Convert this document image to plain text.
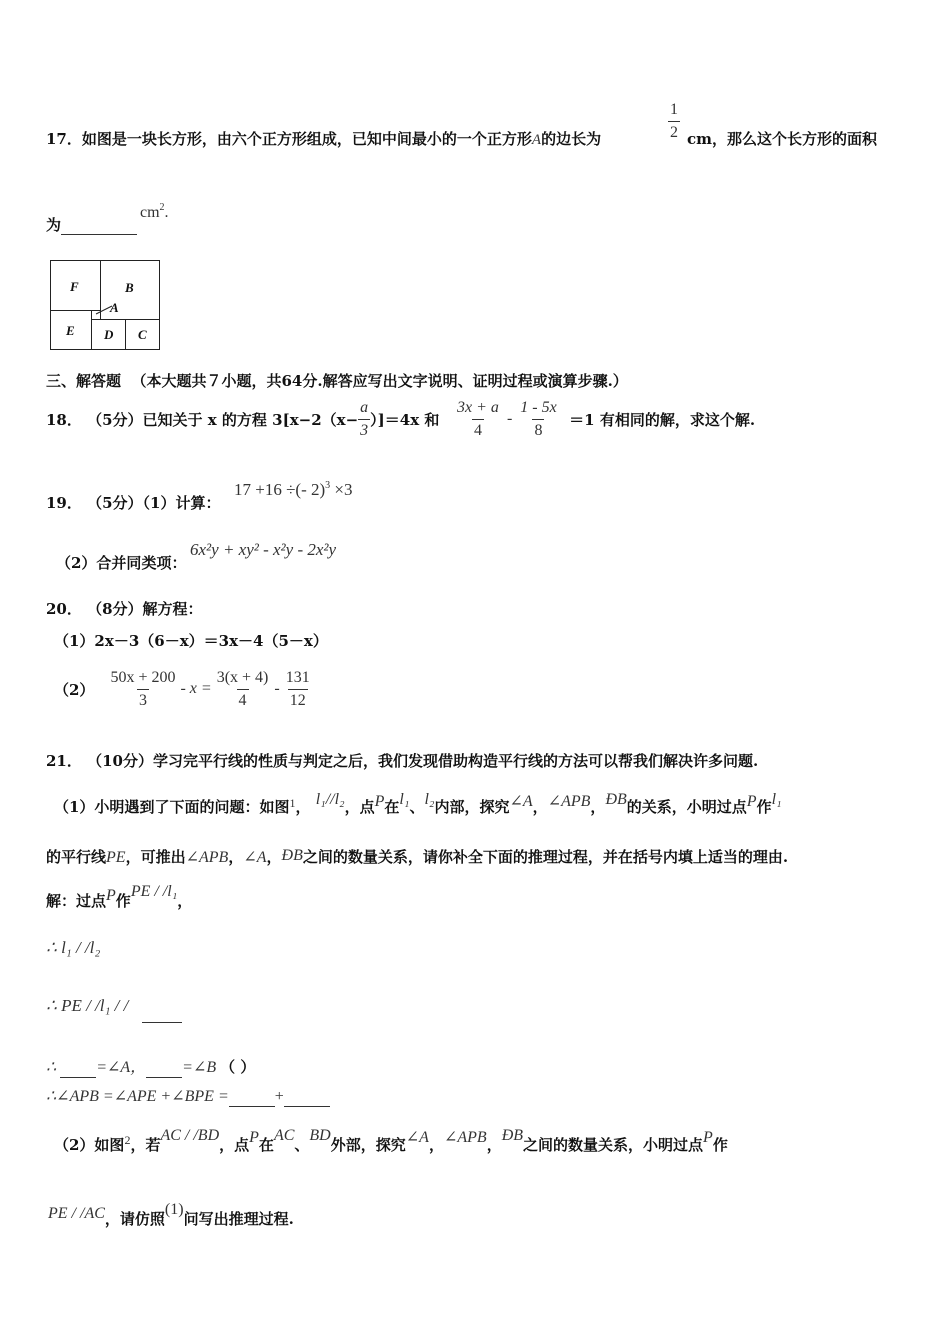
17．如图是一块长方形，由六个正方形组成，已知中间最小的一个正方形A的边长为	$\frac{1}{2}$ cm，那么这个长方形的面积
为
$cm^2$.
F	B
A
E D C
三、解答题 （本大题共７小题，共64分.解答应写出文字说明、证明过程或演算步骤.）
18．
（5分） 已知关于 x 的方程 $3[x-2(x- \frac{a}{3} )]=4x$ 和
$\frac{3x + a}{4} - \frac{1 - 5x}{8}$
＝1 有相同的解，求这个解.
19． （5分）（1）计算：
17 +16 ÷(- 2)$^3$ ×3
（2）合并同类项：
6x²y + xy² - x²y - 2x²y
20． （8分）解方程：
（1）2x－3（6－x）＝3x－4（5－x）
$(2) \frac{50x + 200}{3} - x = \frac{3(x + 4)}{4} - \frac{131}{12}$
21． （10分）学习完平行线的性质与判定之后，我们发现借助构造平行线的方法可以帮我们解决许多问题.
（1）小明遇到了下面的问题：如图$^1$， l₁//l₂，点P在l₁、l₂内部，探究∠A，∠APB，ÐB的关系，小明过点P作l₁
的平行线PE，可推出∠APB，∠A，ÐB之间的数量关系，请你补全下面的推理过程，并在括号内填上适当的理由.
解：过点P作PE / /l₁，
∴ l₁ / /l₂
∴ PE / /l₁ / /
∴	=∠A， =∠B （ ）
∴∠APB =∠APE +∠BPE =	+
（2）如图$^2$，若AC / /BD，点P在AC、BD外部，探究∠A，∠APB，ÐB之间的数量关系，小明过点P作
PE / /AC，请仿照(1)问写出推理过程.
